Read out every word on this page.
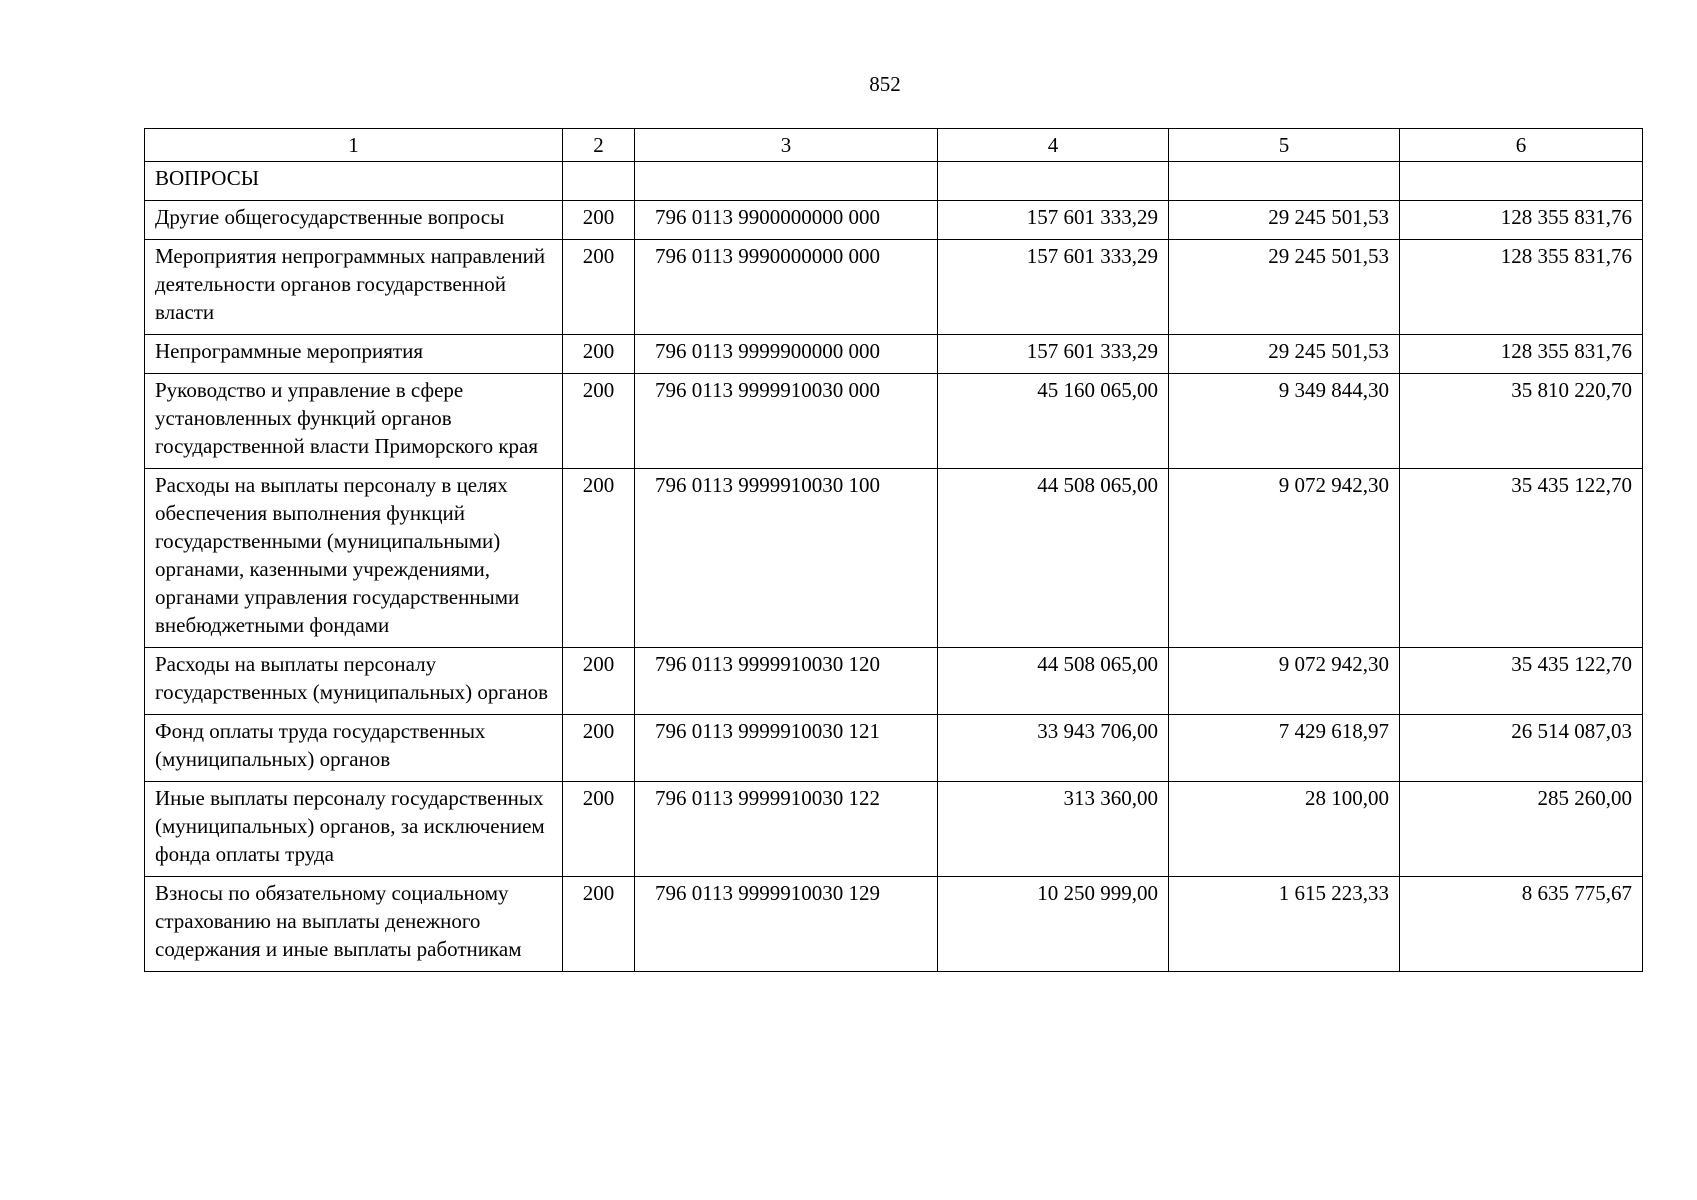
852
1	2	3	4	5	6
ВОПРОСЫ					
Другие общегосударственные вопросы	200	796 0113 9900000000 000	157 601 333,29	29 245 501,53	128 355 831,76
Мероприятия непрограммных направлений деятельности органов государственной власти	200	796 0113 9990000000 000	157 601 333,29	29 245 501,53	128 355 831,76
Непрограммные мероприятия	200	796 0113 9999900000 000	157 601 333,29	29 245 501,53	128 355 831,76
Руководство и управление в сфере установленных функций органов государственной власти Приморского края	200	796 0113 9999910030 000	45 160 065,00	9 349 844,30	35 810 220,70
Расходы на выплаты персоналу в целях обеспечения выполнения функций государственными (муниципальными) органами, казенными учреждениями, органами управления государственными внебюджетными фондами	200	796 0113 9999910030 100	44 508 065,00	9 072 942,30	35 435 122,70
Расходы на выплаты персоналу государственных (муниципальных) органов	200	796 0113 9999910030 120	44 508 065,00	9 072 942,30	35 435 122,70
Фонд оплаты труда государственных (муниципальных) органов	200	796 0113 9999910030 121	33 943 706,00	7 429 618,97	26 514 087,03
Иные выплаты персоналу государственных (муниципальных) органов, за исключением фонда оплаты труда	200	796 0113 9999910030 122	313 360,00	28 100,00	285 260,00
Взносы по обязательному социальному страхованию на выплаты денежного содержания и иные выплаты работникам	200	796 0113 9999910030 129	10 250 999,00	1 615 223,33	8 635 775,67
